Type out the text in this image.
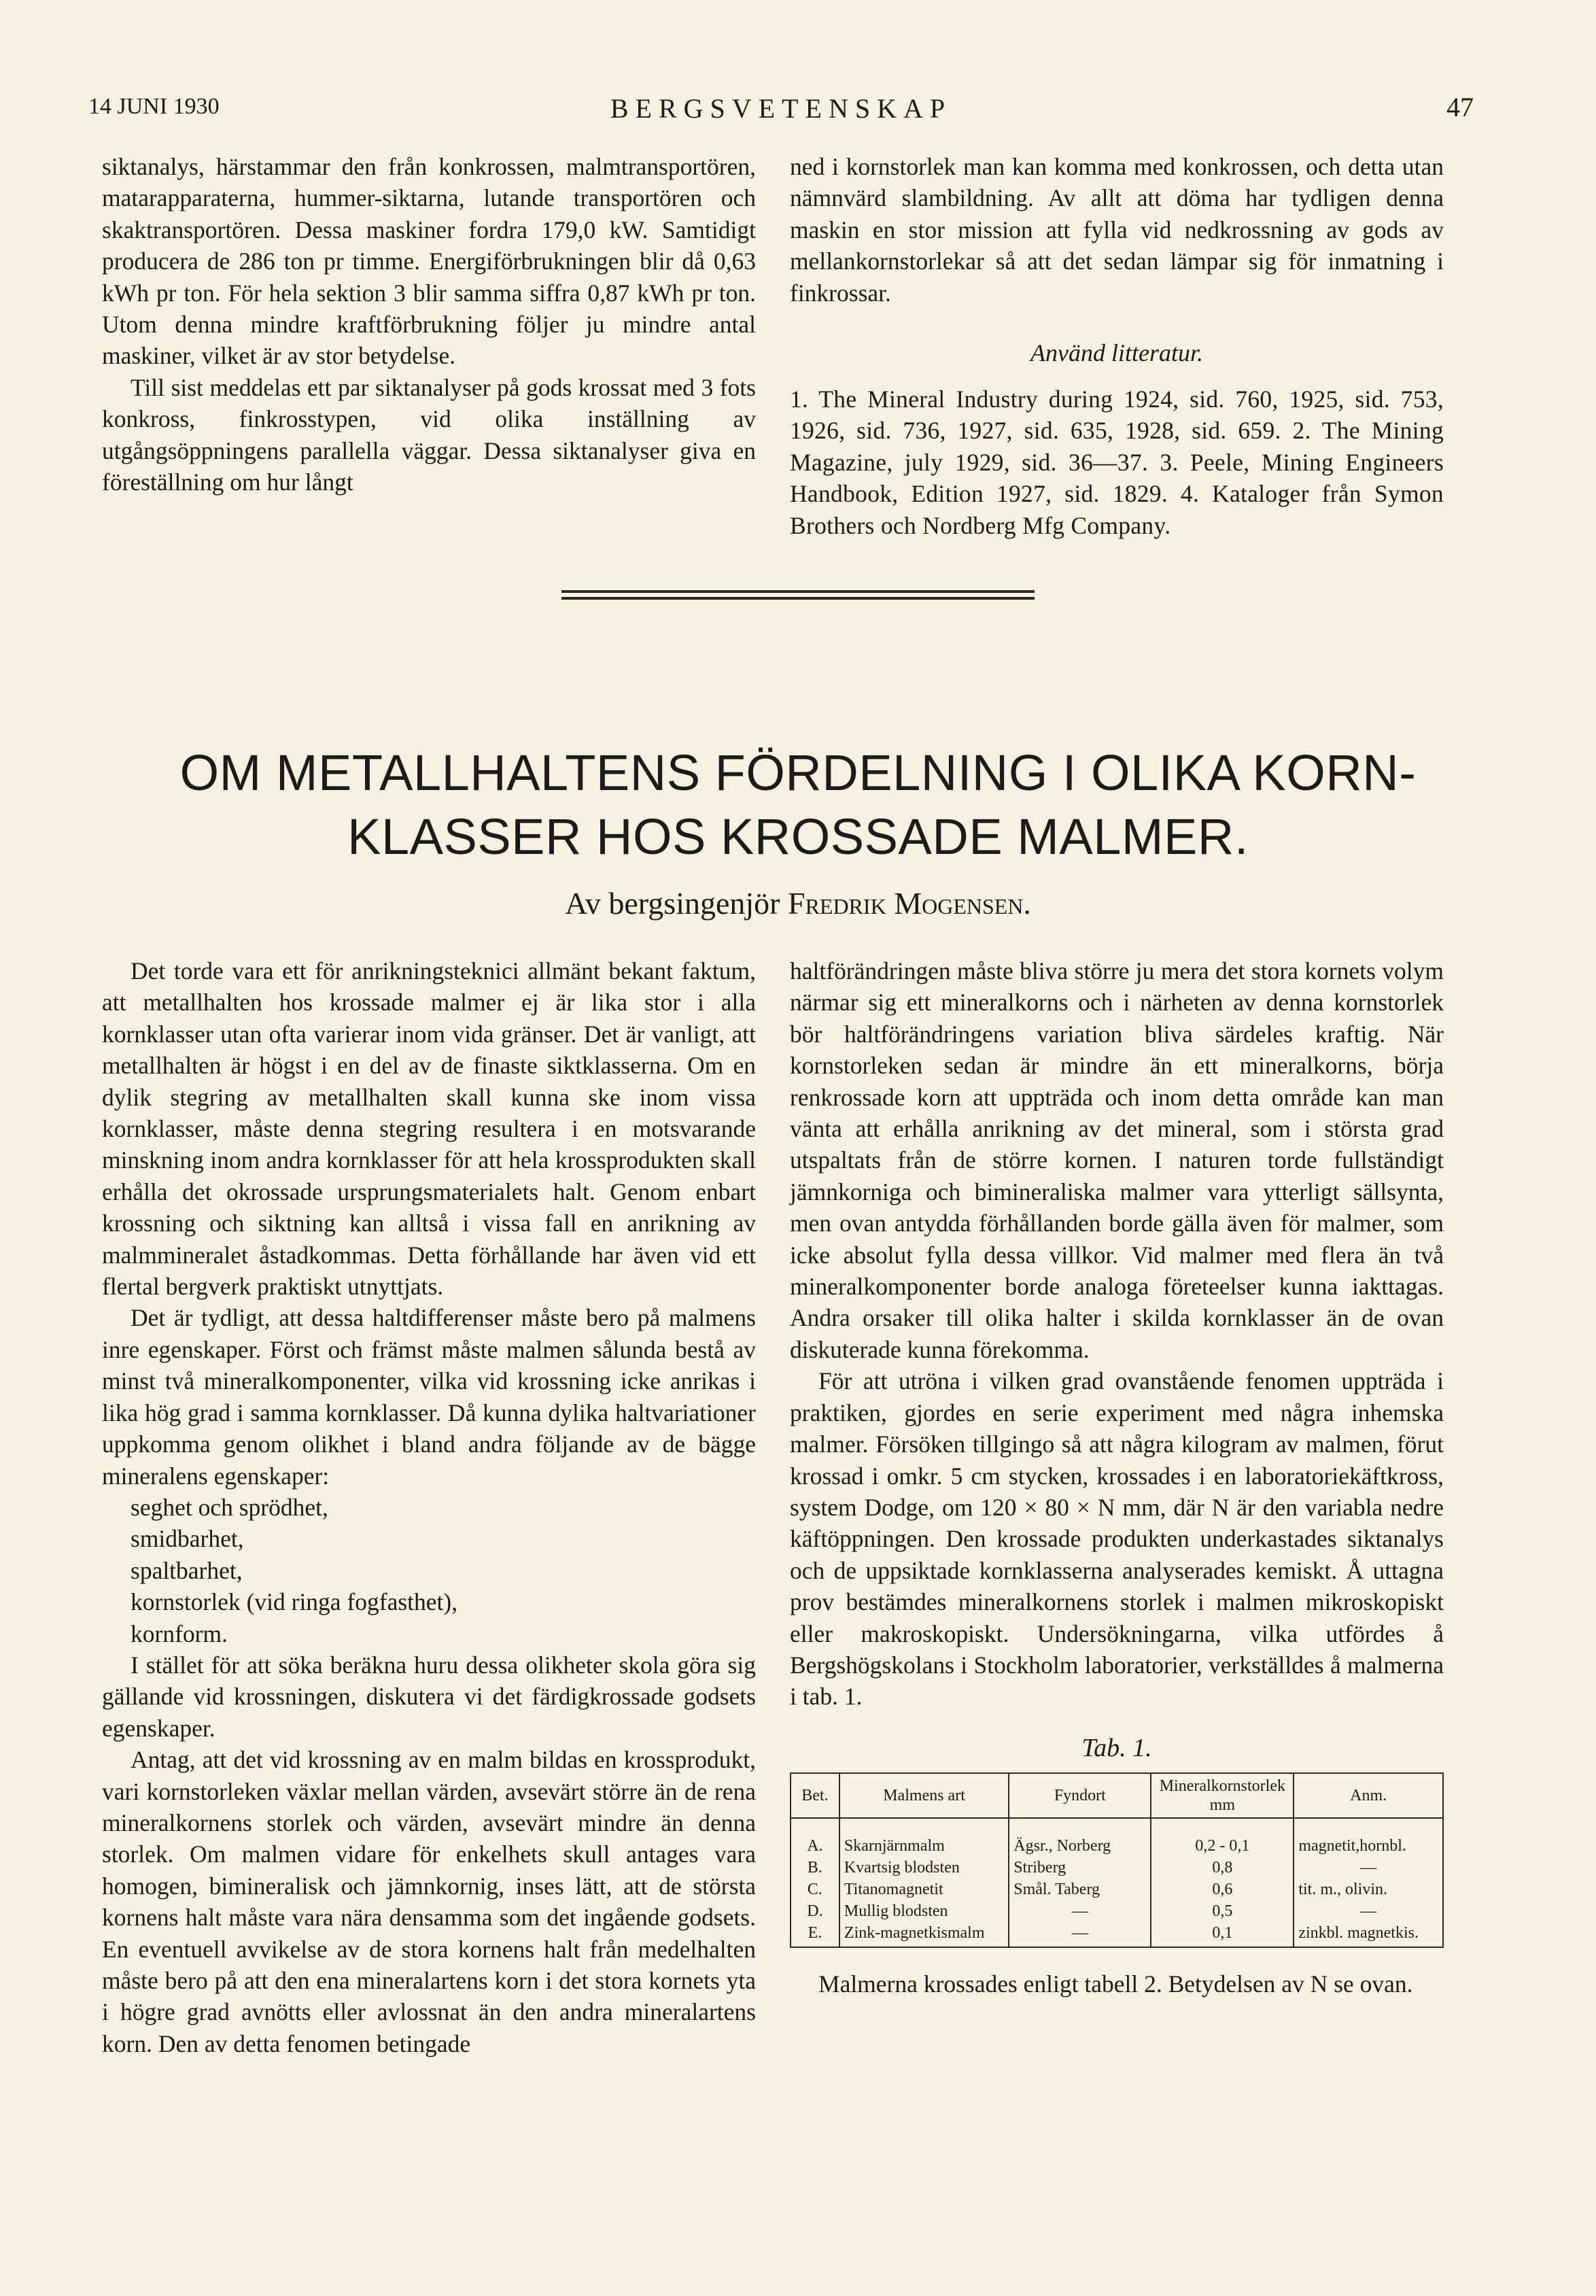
14 JUNI 1930	BERGSVETENSKAP	47

siktanalys, härstammar den från konkrossen, malmtransportören, matarapparaterna, hummer-siktarna, lutande transportören och skaktransportören. Dessa maskiner fordra 179,0 kW. Samtidigt producera de 286 ton pr timme. Energiförbrukningen blir då 0,63 kWh pr ton. För hela sektion 3 blir samma siffra 0,87 kWh pr ton. Utom denna mindre kraftförbrukning följer ju mindre antal maskiner, vilket är av stor betydelse.

Till sist meddelas ett par siktanalyser på gods krossat med 3 fots konkross, finkrosstypen, vid olika inställning av utgångsöppningens parallella väggar. Dessa siktanalyser giva en föreställning om hur långt

ned i kornstorlek man kan komma med konkrossen, och detta utan nämnvärd slambildning. Av allt att döma har tydligen denna maskin en stor mission att fylla vid nedkrossning av gods av mellankornstorlekar så att det sedan lämpar sig för inmatning i finkrossar.

Använd litteratur.

1. The Mineral Industry during 1924, sid. 760, 1925, sid. 753, 1926, sid. 736, 1927, sid. 635, 1928, sid. 659. 2. The Mining Magazine, july 1929, sid. 36—37. 3. Peele, Mining Engineers Handbook, Edition 1927, sid. 1829. 4. Kataloger från Symon Brothers och Nordberg Mfg Company.

OM METALLHALTENS FÖRDELNING I OLIKA KORN-
KLASSER HOS KROSSADE MALMER.
Av bergsingenjör Fredrik Mogensen.

Det torde vara ett för anrikningsteknici allmänt bekant faktum, att metallhalten hos krossade malmer ej är lika stor i alla kornklasser utan ofta varierar inom vida gränser. Det är vanligt, att metallhalten är högst i en del av de finaste siktklasserna. Om en dylik stegring av metallhalten skall kunna ske inom vissa kornklasser, måste denna stegring resultera i en motsvarande minskning inom andra kornklasser för att hela krossprodukten skall erhålla det okrossade ursprungsmaterialets halt. Genom enbart krossning och siktning kan alltså i vissa fall en anrikning av malmmineralet åstadkommas. Detta förhållande har även vid ett flertal bergverk praktiskt utnyttjats.

Det är tydligt, att dessa haltdifferenser måste bero på malmens inre egenskaper. Först och främst måste malmen sålunda bestå av minst två mineralkomponenter, vilka vid krossning icke anrikas i lika hög grad i samma kornklasser. Då kunna dylika haltvariationer uppkomma genom olikhet i bland andra följande av de bägge mineralens egenskaper:

seghet och sprödhet,
smidbarhet,
spaltbarhet,
kornstorlek (vid ringa fogfasthet),
kornform.

I stället för att söka beräkna huru dessa olikheter skola göra sig gällande vid krossningen, diskutera vi det färdigkrossade godsets egenskaper.

Antag, att det vid krossning av en malm bildas en krossprodukt, vari kornstorleken växlar mellan värden, avsevärt större än de rena mineralkornens storlek och värden, avsevärt mindre än denna storlek. Om malmen vidare för enkelhets skull antages vara homogen, bimineralisk och jämnkornig, inses lätt, att de största kornens halt måste vara nära densamma som det ingående godsets. En eventuell avvikelse av de stora kornens halt från medelhalten måste bero på att den ena mineralartens korn i det stora kornets yta i högre grad avnötts eller avlossnat än den andra mineralartens korn. Den av detta fenomen betingade

haltförändringen måste bliva större ju mera det stora kornets volym närmar sig ett mineralkorns och i närheten av denna kornstorlek bör haltförändringens variation bliva särdeles kraftig. När kornstorleken sedan är mindre än ett mineralkorns, börja renkrossade korn att uppträda och inom detta område kan man vänta att erhålla anrikning av det mineral, som i största grad utspaltats från de större kornen. I naturen torde fullständigt jämnkorniga och bimineraliska malmer vara ytterligt sällsynta, men ovan antydda förhållanden borde gälla även för malmer, som icke absolut fylla dessa villkor. Vid malmer med flera än två mineralkomponenter borde analoga företeelser kunna iakttagas. Andra orsaker till olika halter i skilda kornklasser än de ovan diskuterade kunna förekomma.

För att utröna i vilken grad ovanstående fenomen uppträda i praktiken, gjordes en serie experiment med några inhemska malmer. Försöken tillgingo så att några kilogram av malmen, förut krossad i omkr. 5 cm stycken, krossades i en laboratoriekäftkross, system Dodge, om 120 × 80 × N mm, där N är den variabla nedre käftöppningen. Den krossade produkten underkastades siktanalys och de uppsiktade kornklasserna analyserades kemiskt. Å uttagna prov bestämdes mineralkornens storlek i malmen mikroskopiskt eller makroskopiskt. Undersökningarna, vilka utfördes å Bergshögskolans i Stockholm laboratorier, verkställdes å malmerna i tab. 1.

Tab. 1.
Bet.	Malmens art	Fyndort	Mineralkornstorlek mm	Anm.
A.	Skarnjärnmalm	Ägsr., Norberg	0,2 - 0,1	magnetit,hornbl.
B.	Kvartsig blodsten	Striberg	0,8	—
C.	Titanomagnetit	Smål. Taberg	0,6	tit. m., olivin.
D.	Mullig blodsten	—	0,5	—
E.	Zink-magnetkismalm	—	0,1	zinkbl. magnetkis.

Malmerna krossades enligt tabell 2. Betydelsen av N se ovan.
